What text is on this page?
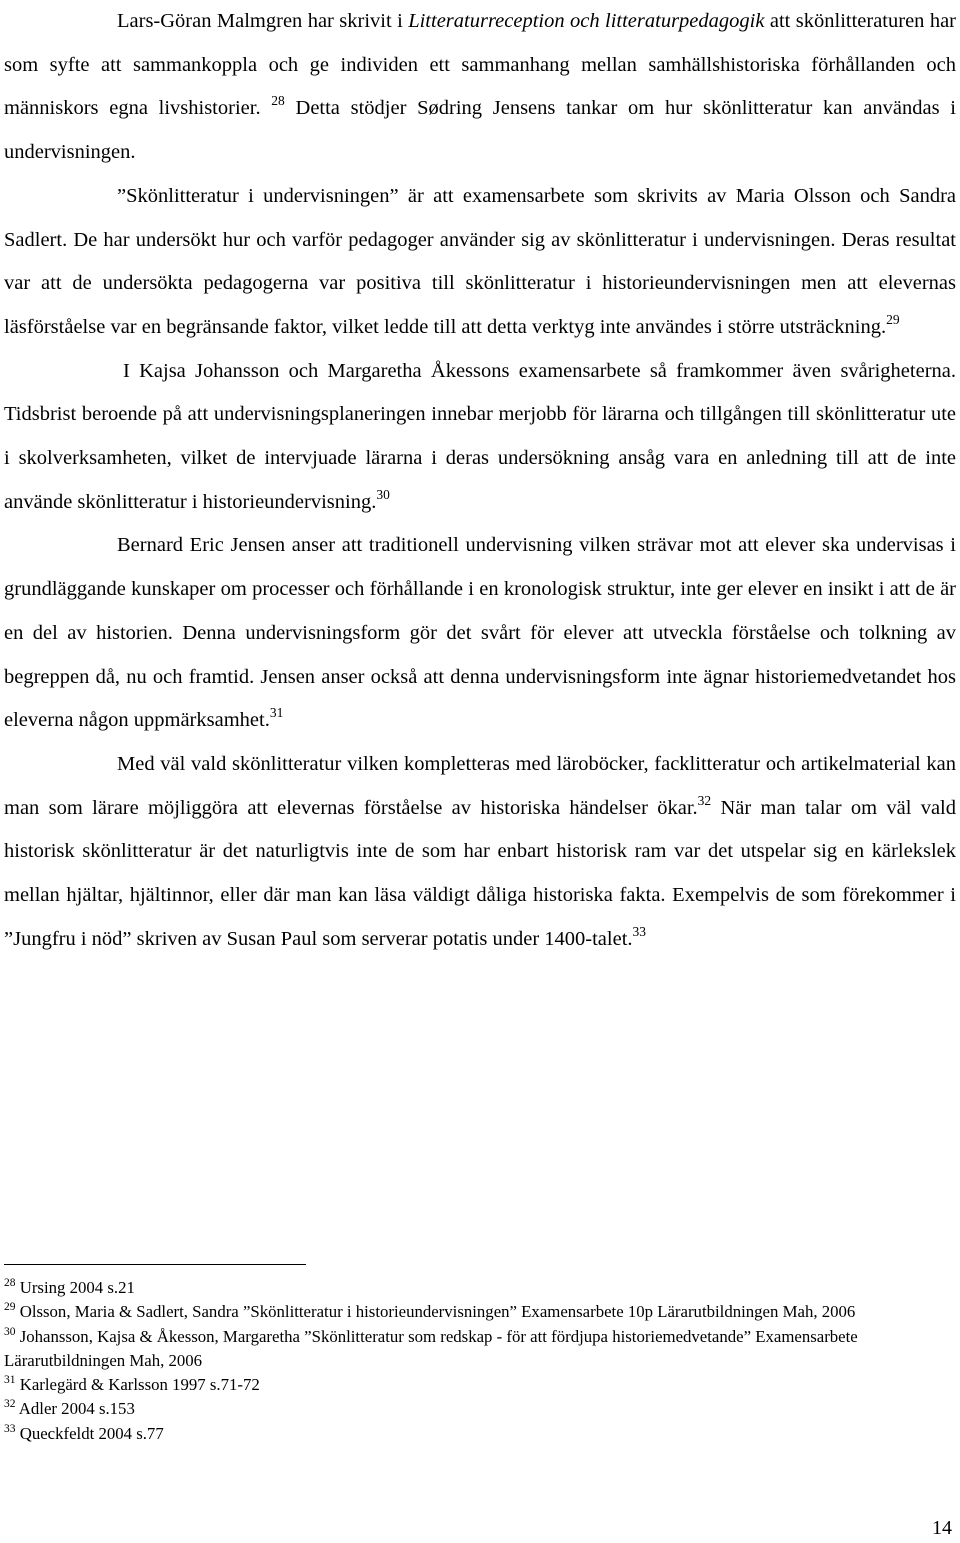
Lars-Göran Malmgren har skrivit i Litteraturreception och litteraturpedagogik att skönlitteraturen har som syfte att sammankoppla och ge individen ett sammanhang mellan samhällshistoriska förhållanden och människors egna livshistorier. $^{28}$ Detta stödjer Sødring Jensens tankar om hur skönlitteratur kan användas i undervisningen.

”Skönlitteratur i undervisningen” är att examensarbete som skrivits av Maria Olsson och Sandra Sadlert. De har undersökt hur och varför pedagoger använder sig av skönlitteratur i undervisningen. Deras resultat var att de undersökta pedagogerna var positiva till skönlitteratur i historieundervisningen men att elevernas läsförståelse var en begränsande faktor, vilket ledde till att detta verktyg inte användes i större utsträckning.$^{29}$

I Kajsa Johansson och Margaretha Åkessons examensarbete så framkommer även svårigheterna. Tidsbrist beroende på att undervisningsplaneringen innebar merjobb för lärarna och tillgången till skönlitteratur ute i skolverksamheten, vilket de intervjuade lärarna i deras undersökning ansåg vara en anledning till att de inte använde skönlitteratur i historieundervisning.$^{30}$

Bernard Eric Jensen anser att traditionell undervisning vilken strävar mot att elever ska undervisas i grundläggande kunskaper om processer och förhållande i en kronologisk struktur, inte ger elever en insikt i att de är en del av historien. Denna undervisningsform gör det svårt för elever att utveckla förståelse och tolkning av begreppen då, nu och framtid. Jensen anser också att denna undervisningsform inte ägnar historiemedvetandet hos eleverna någon uppmärksamhet.$^{31}$

Med väl vald skönlitteratur vilken kompletteras med läroböcker, facklitteratur och artikelmaterial kan man som lärare möjliggöra att elevernas förståelse av historiska händelser ökar.$^{32}$ När man talar om väl vald historisk skönlitteratur är det naturligtvis inte de som har enbart historisk ram var det utspelar sig en kärlekslek mellan hjältar, hjältinnor, eller där man kan läsa väldigt dåliga historiska fakta. Exempelvis de som förekommer i ”Jungfru i nöd” skriven av Susan Paul som serverar potatis under 1400-talet.$^{33}$

$^{28}$ Ursing 2004 s.21

$^{29}$ Olsson, Maria & Sadlert, Sandra ”Skönlitteratur i historieundervisningen” Examensarbete 10p Lärarutbildningen Mah, 2006

$^{30}$ Johansson, Kajsa & Åkesson, Margaretha ”Skönlitteratur som redskap - för att fördjupa historiemedvetande” Examensarbete Lärarutbildningen Mah, 2006

$^{31}$ Karlegärd & Karlsson 1997 s.71-72

$^{32}$ Adler 2004 s.153

$^{33}$ Queckfeldt 2004 s.77

14
